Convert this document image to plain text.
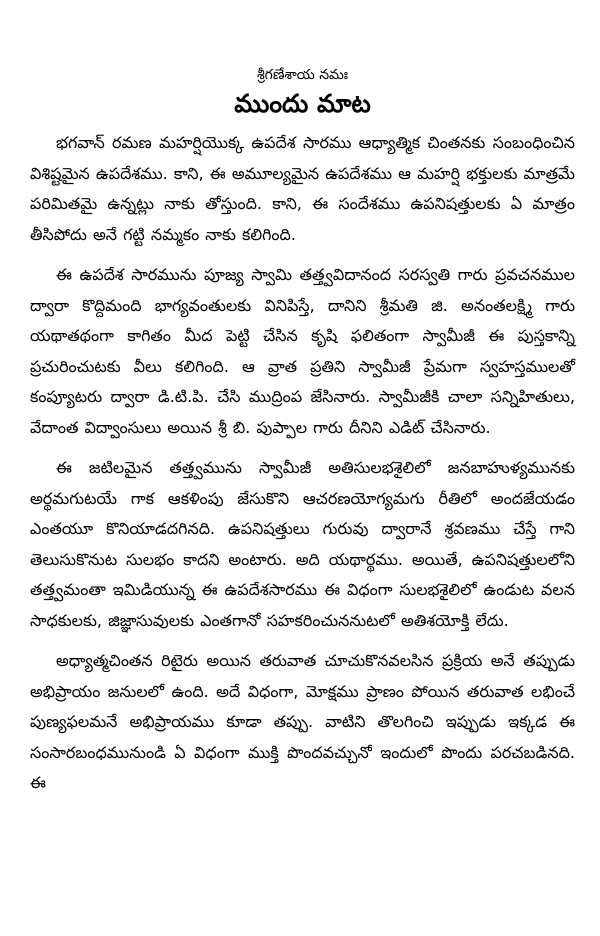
శ్రీగణేశాయ నమః
ముందు మాట

భగవాన్ రమణ మహర్షియొక్క ఉపదేశ సారము ఆధ్యాత్మిక చింతనకు సంబంధించిన విశిష్టమైన ఉపదేశము. కాని, ఈ అమూల్యమైన ఉపదేశము ఆ మహర్షి భక్తులకు మాత్రమే పరిమితమై ఉన్నట్లు నాకు తోస్తుంది. కాని, ఈ సందేశము ఉపనిషత్తులకు ఏ మాత్రం తీసిపోదు అనే గట్టి నమ్మకం నాకు కలిగింది.

ఈ ఉపదేశ సారమును పూజ్య స్వామి తత్త్వవిదానంద సరస్వతి గారు ప్రవచనముల ద్వారా కొద్దిమంది భాగ్యవంతులకు వినిపిస్తే, దానిని శ్రీమతి జి. అనంతలక్ష్మి గారు యథాతథంగా కాగితం మీద పెట్టి చేసిన కృషి ఫలితంగా స్వామీజీ ఈ పుస్తకాన్ని ప్రచురించుటకు వీలు కలిగింది. ఆ వ్రాత ప్రతిని స్వామీజీ ప్రేమగా స్వహస్తములతో కంప్యూటరు ద్వారా డి.టి.పి. చేసి ముద్రింప జేసినారు. స్వామీజీకి చాలా సన్నిహితులు, వేదాంత విద్వాంసులు అయిన శ్రీ బి. పుప్పాల గారు దీనిని ఎడిట్ చేసినారు.

ఈ జటిలమైన తత్త్వమును స్వామీజీ అతిసులభశైలిలో జనబాహుళ్యమునకు అర్థమగుటయే గాక ఆకళింపు జేసుకొని ఆచరణయోగ్యమగు రీతిలో అందజేయడం ఎంతయూ కొనియాడదగినది. ఉపనిషత్తులు గురువు ద్వారానే శ్రవణము చేస్తే గాని తెలుసుకొనుట సులభం కాదని అంటారు. అది యథార్థము. అయితే, ఉపనిషత్తులలోని తత్త్వమంతా ఇమిడియున్న ఈ ఉపదేశసారము ఈ విధంగా సులభశైలిలో ఉండుట వలన సాధకులకు, జిజ్ఞాసువులకు ఎంతగానో సహకరించుననుటలో అతిశయోక్తి లేదు.

అధ్యాత్మచింతన రిటైరు అయిన తరువాత చూచుకొనవలసిన ప్రక్రియ అనే తప్పుడు అభిప్రాయం జనులలో ఉంది. అదే విధంగా, మోక్షము ప్రాణం పోయిన తరువాత లభించే పుణ్యఫలమనే అభిప్రాయము కూడా తప్పు. వాటిని తొలగించి ఇప్పుడు ఇక్కడ ఈ సంసారబంధమునుండి ఏ విధంగా ముక్తి పొందవచ్చునో ఇందులో పొందు పరచబడినది. ఈ
